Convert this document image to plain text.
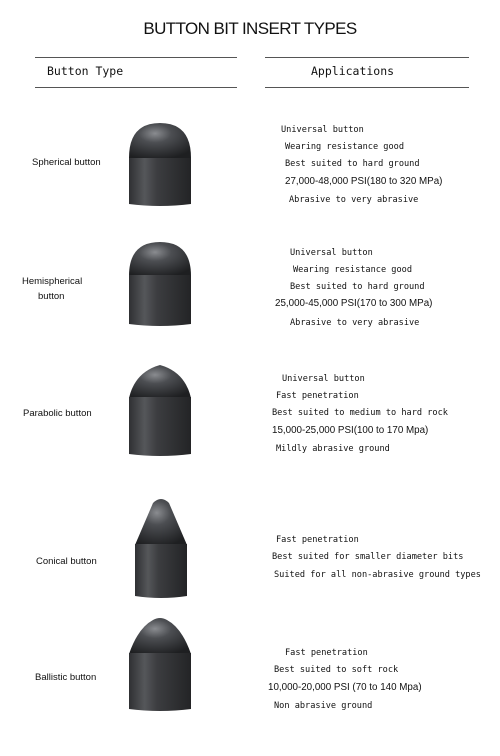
BUTTON BIT INSERT TYPES
Button Type	Applications
Spherical button
Universal button
Wearing resistance good
Best suited to hard ground
27,000-48,000 PSI(180 to 320 MPa)
Abrasive to very abrasive
Hemispherical
button
Universal button
Wearing resistance good
Best suited to hard ground
25,000-45,000 PSI(170 to 300 MPa)
Abrasive to very abrasive
Parabolic button
Universal button
Fast penetration
Best suited to medium to hard rock
15,000-25,000 PSI(100 to 170 Mpa)
Mildly abrasive ground
Conical button
Fast penetration
Best suited for smaller diameter bits
Suited for all non-abrasive ground types
Ballistic button
Fast penetration
Best suited to soft rock
10,000-20,000 PSI (70 to 140 Mpa)
Non abrasive ground
